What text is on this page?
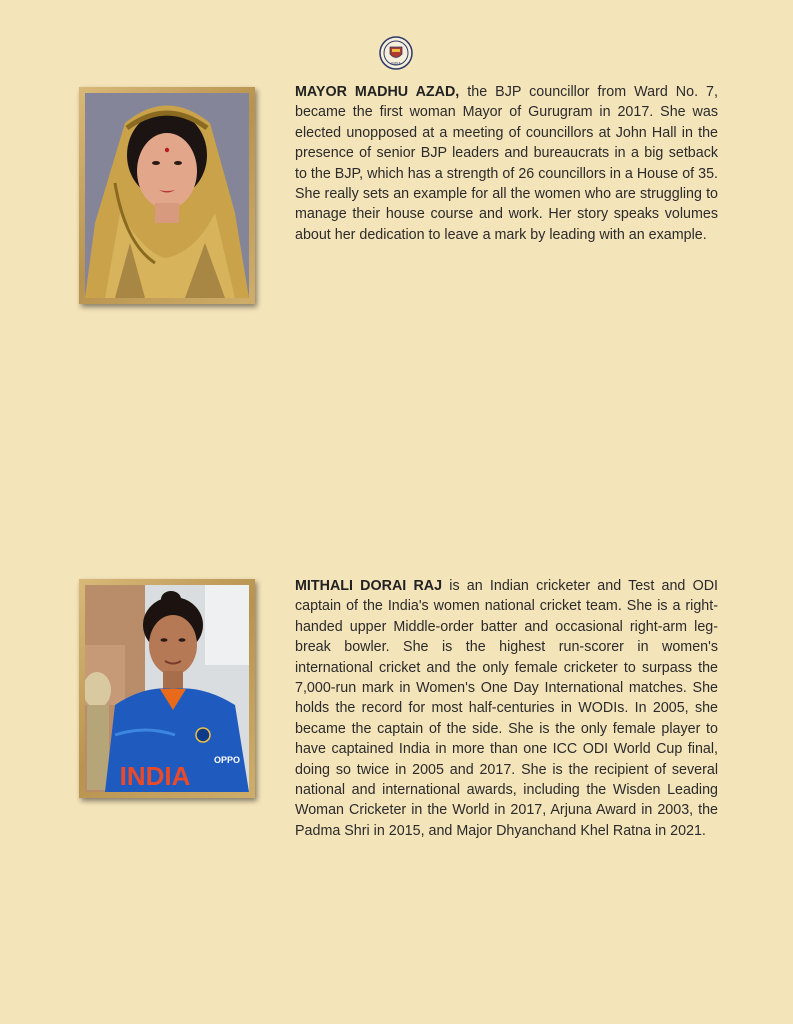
INDIA

MAYOR MADHU AZAD, the BJP councillor from Ward No. 7, became the first woman Mayor of Gurugram in 2017. She was elected unopposed at a meeting of councillors at John Hall in the presence of senior BJP leaders and bureaucrats in a big setback to the BJP, which has a strength of 26 councillors in a House of 35. She really sets an example for all the women who are struggling to manage their house course and work. Her story speaks volumes about her dedication to leave a mark by leading with an example.

INDIA
OPPO

MITHALI DORAI RAJ is an Indian cricketer and Test and ODI captain of the India's women national cricket team. She is a right-handed upper Middle-order batter and occasional right-arm leg-break bowler. She is the highest run-scorer in women's international cricket and the only female cricketer to surpass the 7,000-run mark in Women's One Day International matches. She holds the record for most half-centuries in WODIs. In 2005, she became the captain of the side. She is the only female player to have captained India in more than one ICC ODI World Cup final, doing so twice in 2005 and 2017. She is the recipient of several national and international awards, including the Wisden Leading Woman Cricketer in the World in 2017, Arjuna Award in 2003, the Padma Shri in 2015, and Major Dhyanchand Khel Ratna in 2021.
